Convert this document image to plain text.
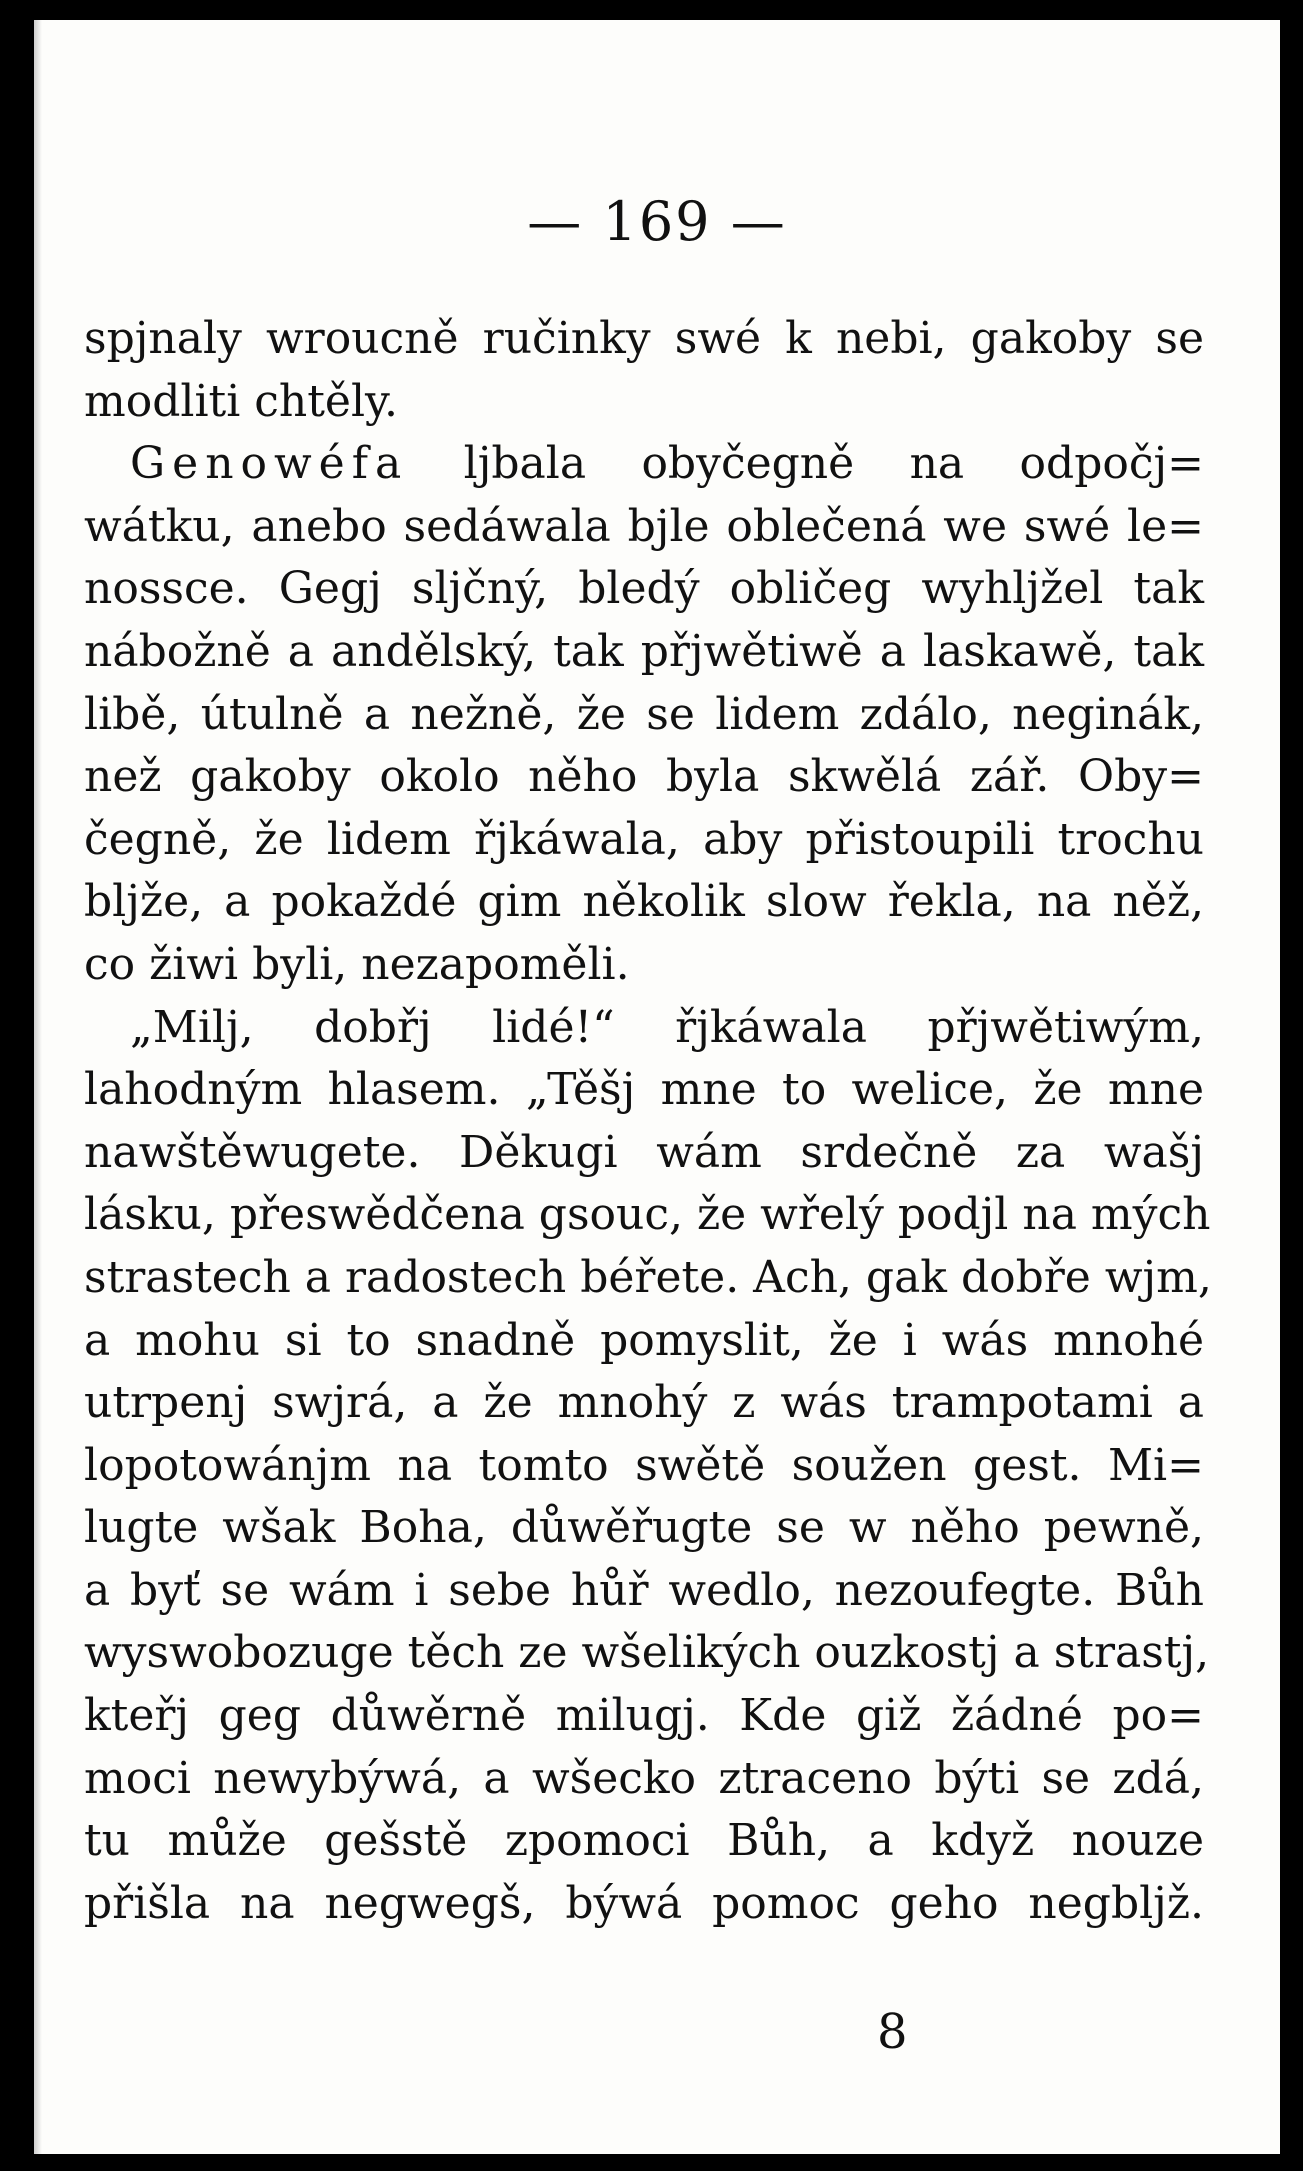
— 169 —
spjnaly wroucně ručinky swé k nebi, gakoby se
modliti chtěly.
Genowéfa ljbala obyčegně na odpočj=
wátku, anebo sedáwala bjle oblečená we swé le=
nossce. Gegj sljčný, bledý obličeg wyhljžel tak
nábožně a andělský, tak přjwětiwě a laskawě, tak
libě, útulně a nežně, že se lidem zdálo, neginák,
než gakoby okolo něho byla skwělá zář. Oby=
čegně, že lidem řjkáwala, aby přistoupili trochu
bljže, a pokaždé gim několik slow řekla, na něž,
co žiwi byli, nezapoměli.
„Milj, dobřj lidé!“ řjkáwala přjwětiwým,
lahodným hlasem. „Těšj mne to welice, že mne
nawštěwugete. Děkugi wám srdečně za wašj
lásku, přeswědčena gsouc, že wřelý podjl na mých
strastech a radostech béřete. Ach, gak dobře wjm,
a mohu si to snadně pomyslit, že i wás mnohé
utrpenj swjrá, a že mnohý z wás trampotami a
lopotowánjm na tomto swětě soužen gest. Mi=
lugte wšak Boha, důwěřugte se w něho pewně,
a byť se wám i sebe hůř wedlo, nezoufegte. Bůh
wyswobozuge těch ze wšelikých ouzkostj a strastj,
kteřj geg důwěrně milugj. Kde giž žádné po=
moci newybýwá, a wšecko ztraceno býti se zdá,
tu může gešstě zpomoci Bůh, a když nouze
přišla na negwegš, býwá pomoc geho negbljž.
8
